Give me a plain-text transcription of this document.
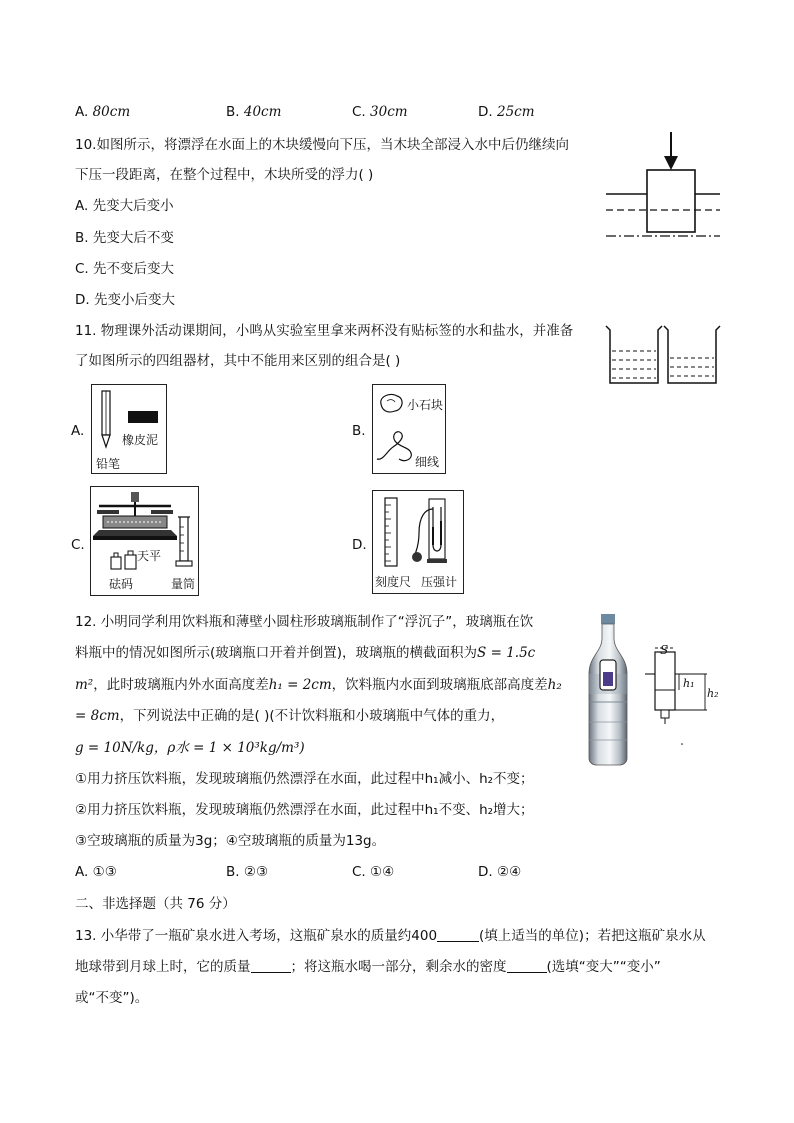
A. 80cm	B. 40cm	C. 30cm	D. 25cm
10.如图所示，将漂浮在水面上的木块缓慢向下压，当木块全部浸入水中后仍继续向
下压一段距离，在整个过程中，木块所受的浮力( )
A. 先变大后变小
B. 先变大后不变
C. 先不变后变大
D. 先变小后变大
11. 物理课外活动课期间，小鸣从实验室里拿来两杯没有贴标签的水和盐水，并准备
了如图所示的四组器材，其中不能用来区别的组合是( )
A.
橡皮泥
铅笔
B.
小石块
细线
C.
天平
砝码	量筒
D.
刻度尺 压强计
12. 小明同学利用饮料瓶和薄壁小圆柱形玻璃瓶制作了“浮沉子”，玻璃瓶在饮
料瓶中的情况如图所示(玻璃瓶口开着并倒置)，玻璃瓶的横截面积为S = 1.5c
m²，此时玻璃瓶内外水面高度差h₁ = 2cm，饮料瓶内水面到玻璃瓶底部高度差h₂
= 8cm，下列说法中正确的是( )(不计饮料瓶和小玻璃瓶中气体的重力，
g = 10N/kg，ρ水 = 1 × 10³kg/m³)
①用力挤压饮料瓶，发现玻璃瓶仍然漂浮在水面，此过程中h₁减小、h₂不变；
②用力挤压饮料瓶，发现玻璃瓶仍然漂浮在水面，此过程中h₁不变、h₂增大；
③空玻璃瓶的质量为3g；④空玻璃瓶的质量为13g。
A. ①③	B. ②③	C. ①④	D. ②④
S
h₁
h₂
二、非选择题（共 76 分）
13. 小华带了一瓶矿泉水进入考场，这瓶矿泉水的质量约400	(填上适当的单位)；若把这瓶矿泉水从
地球带到月球上时，它的质量	；将这瓶水喝一部分，剩余水的密度	(选填“变大”“变小”
或“不变”)。
